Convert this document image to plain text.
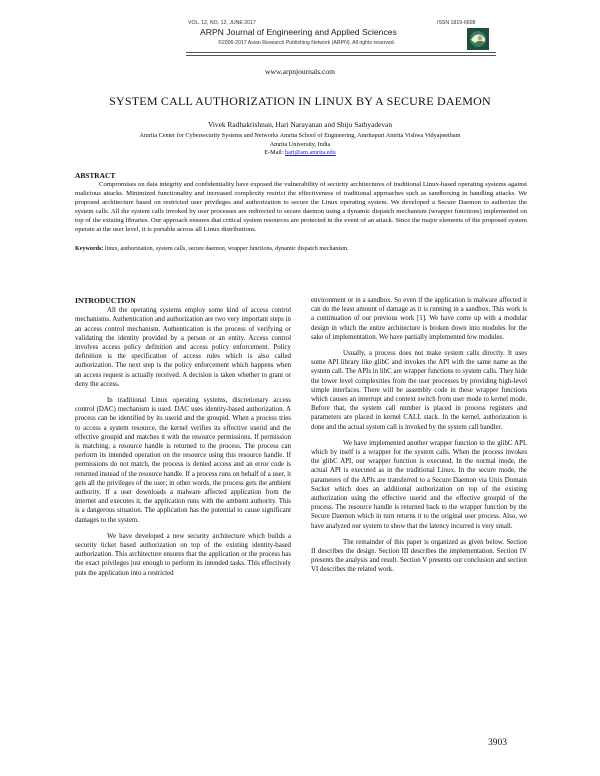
VOL. 12, NO. 12, JUNE 2017	ISSN 1819-6608
ARPN Journal of Engineering and Applied Sciences
©2006-2017 Asian Research Publishing Network (ARPN). All rights reserved.
www.arpnjournals.com
SYSTEM CALL AUTHORIZATION IN LINUX BY A SECURE DAEMON
Vivek Radhakrishnan, Hari Narayanan and Shiju Sathyadevan
Amrita Center for Cybersecurity Systems and Networks Amrita School of Engineering, Amritapuri Amrita Vishwa Vidyapeetham
Amrita University, India
E-Mail: hari@am.amrita.edu
ABSTRACT

Compromises on data integrity and confidentiality have exposed the vulnerability of security architectures of traditional Linux-based operating systems against malicious attacks. Minimized functionality and increased complexity restrict the effectiveness of traditional approaches such as sandboxing in handling attacks. We proposed architecture based on restricted user privileges and authorization to secure the Linux operating system. We developed a Secure Daemon to authorize the system calls. All the system calls invoked by user processes are redirected to secure daemon using a dynamic dispatch mechanism (wrapper functions) implemented on top of the existing libraries. Our approach ensures that critical system resources are protected in the event of an attack. Since the major elements of the proposed system operate at the user level, it is portable across all Linux distributions.

Keywords: linux, authorization, system calls, secure daemon, wrapper functions, dynamic dispatch mechanism.
INTRODUCTION

All the operating systems employ some kind of access control mechanisms. Authentication and authorization are two very important steps in an access control mechanism. Authentication is the process of verifying or validating the identity provided by a person or an entity. Access control involves access policy definition and access policy enforcement. Policy definition is the specification of access rules which is also called authorization. The next step is the policy enforcement which happens when an access request is actually received. A decision is taken whether to grant or deny the access.

In traditional Linux operating systems, discretionary access control (DAC) mechanism is used. DAC uses identity-based authorization. A process can be identified by its userid and the groupid. When a process tries to access a system resource, the kernel verifies its effective userid and the effective groupid and matches it with the resource permissions. If permission is matching, a resource handle is returned to the process. The process can perform its intended operation on the resource using this resource handle. If permissions do not match, the process is denied access and an error code is returned instead of the resource handle. If a process runs on behalf of a user, it gets all the privileges of the user; in other words, the process gets the ambient authority. If a user downloads a malware affected application from the internet and executes it, the application runs with the ambient authority. This is a dangerous situation. The application has the potential to cause significant damages to the system.

We have developed a new security architecture which builds a security ticket based authorization on top of the existing identity-based authorization. This architecture ensures that the application or the process has the exact privileges just enough to perform its intended tasks. This effectively puts the application into a restricted

environment or in a sandbox. So even if the application is malware affected it can do the least amount of damage as it is running in a sandbox. This work is a continuation of our previous work [1]. We have come up with a modular design in which the entire architecture is broken down into modules for the sake of implementation. We have partially implemented few modules.

Usually, a process does not make system calls directly. It uses some API library like glibC and invokes the API with the same name as the system call. The APIs in libC are wrapper functions to system calls. They hide the lower level complexities from the user processes by providing high-level simple interfaces. There will be assembly code in these wrapper functions which causes an interrupt and context switch from user mode to kernel mode. Before that, the system call number is placed in process registers and parameters are placed in kernel CALL stack. In the kernel, authorization is done and the actual system call is invoked by the system call handler.

We have implemented another wrapper function to the glibC API, which by itself is a wrapper for the system calls. When the process invokes the glibC API, our wrapper function is executed. In the normal mode, the actual API is executed as in the traditional Linux. In the secure mode, the parameters of the APIs are transferred to a Secure Daemon via Unix Domain Socket which does an additional authorization on top of the existing authorization using the effective userid and the effective groupid of the process. The resource handle is returned back to the wrapper function by the Secure Daemon which in turn returns it to the original user process. Also, we have analyzed our system to show that the latency incurred is very small.

The remainder of this paper is organized as given below. Section II describes the design. Section III describes the implementation. Section IV presents the analysis and result. Section V presents our conclusion and section VI describes the related work.

3903
